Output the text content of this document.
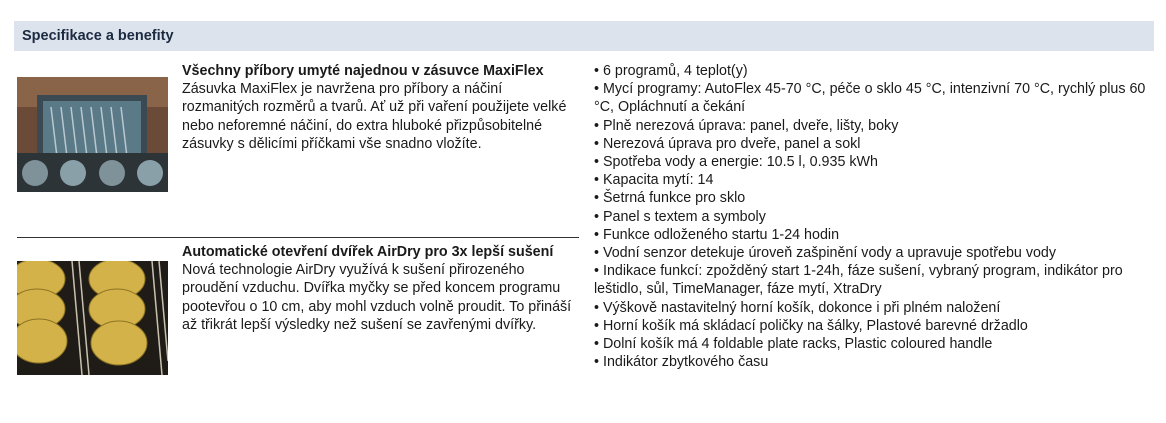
Specifikace a benefity
Všechny příbory umyté najednou v zásuvce MaxiFlex
Zásuvka MaxiFlex je navržena pro příbory a náčiní rozmanitých rozměrů a tvarů. Ať už při vaření použijete velké nebo neforemné náčiní, do extra hluboké přizpůsobitelné zásuvky s dělicími příčkami vše snadno vložíte.
Automatické otevření dvířek AirDry pro 3x lepší sušení
Nová technologie AirDry využívá k sušení přirozeného proudění vzduchu. Dvířka myčky se před koncem programu pootevřou o 10 cm, aby mohl vzduch volně proudit. To přináší až třikrát lepší výsledky než sušení se zavřenými dvířky.
• 6 programů, 4 teplot(y)
• Mycí programy: AutoFlex 45-70 °C, péče o sklo 45 °C, intenzivní 70 °C, rychlý plus 60 °C, Opláchnutí a čekání
• Plně nerezová úprava: panel, dveře, lišty, boky
• Nerezová úprava pro dveře, panel a sokl
• Spotřeba vody a energie: 10.5 l, 0.935 kWh
• Kapacita mytí: 14
• Šetrná funkce pro sklo
• Panel s textem a symboly
• Funkce odloženého startu 1-24 hodin
• Vodní senzor detekuje úroveň zašpinění vody a upravuje spotřebu vody
• Indikace funkcí: zpožděný start 1-24h, fáze sušení, vybraný program, indikátor pro leštidlo, sůl, TimeManager, fáze mytí, XtraDry
• Výškově nastavitelný horní košík, dokonce i při plném naložení
• Horní košík má skládací poličky na šálky, Plastové barevné držadlo
• Dolní košík má 4 foldable plate racks, Plastic coloured handle
• Indikátor zbytkového času
